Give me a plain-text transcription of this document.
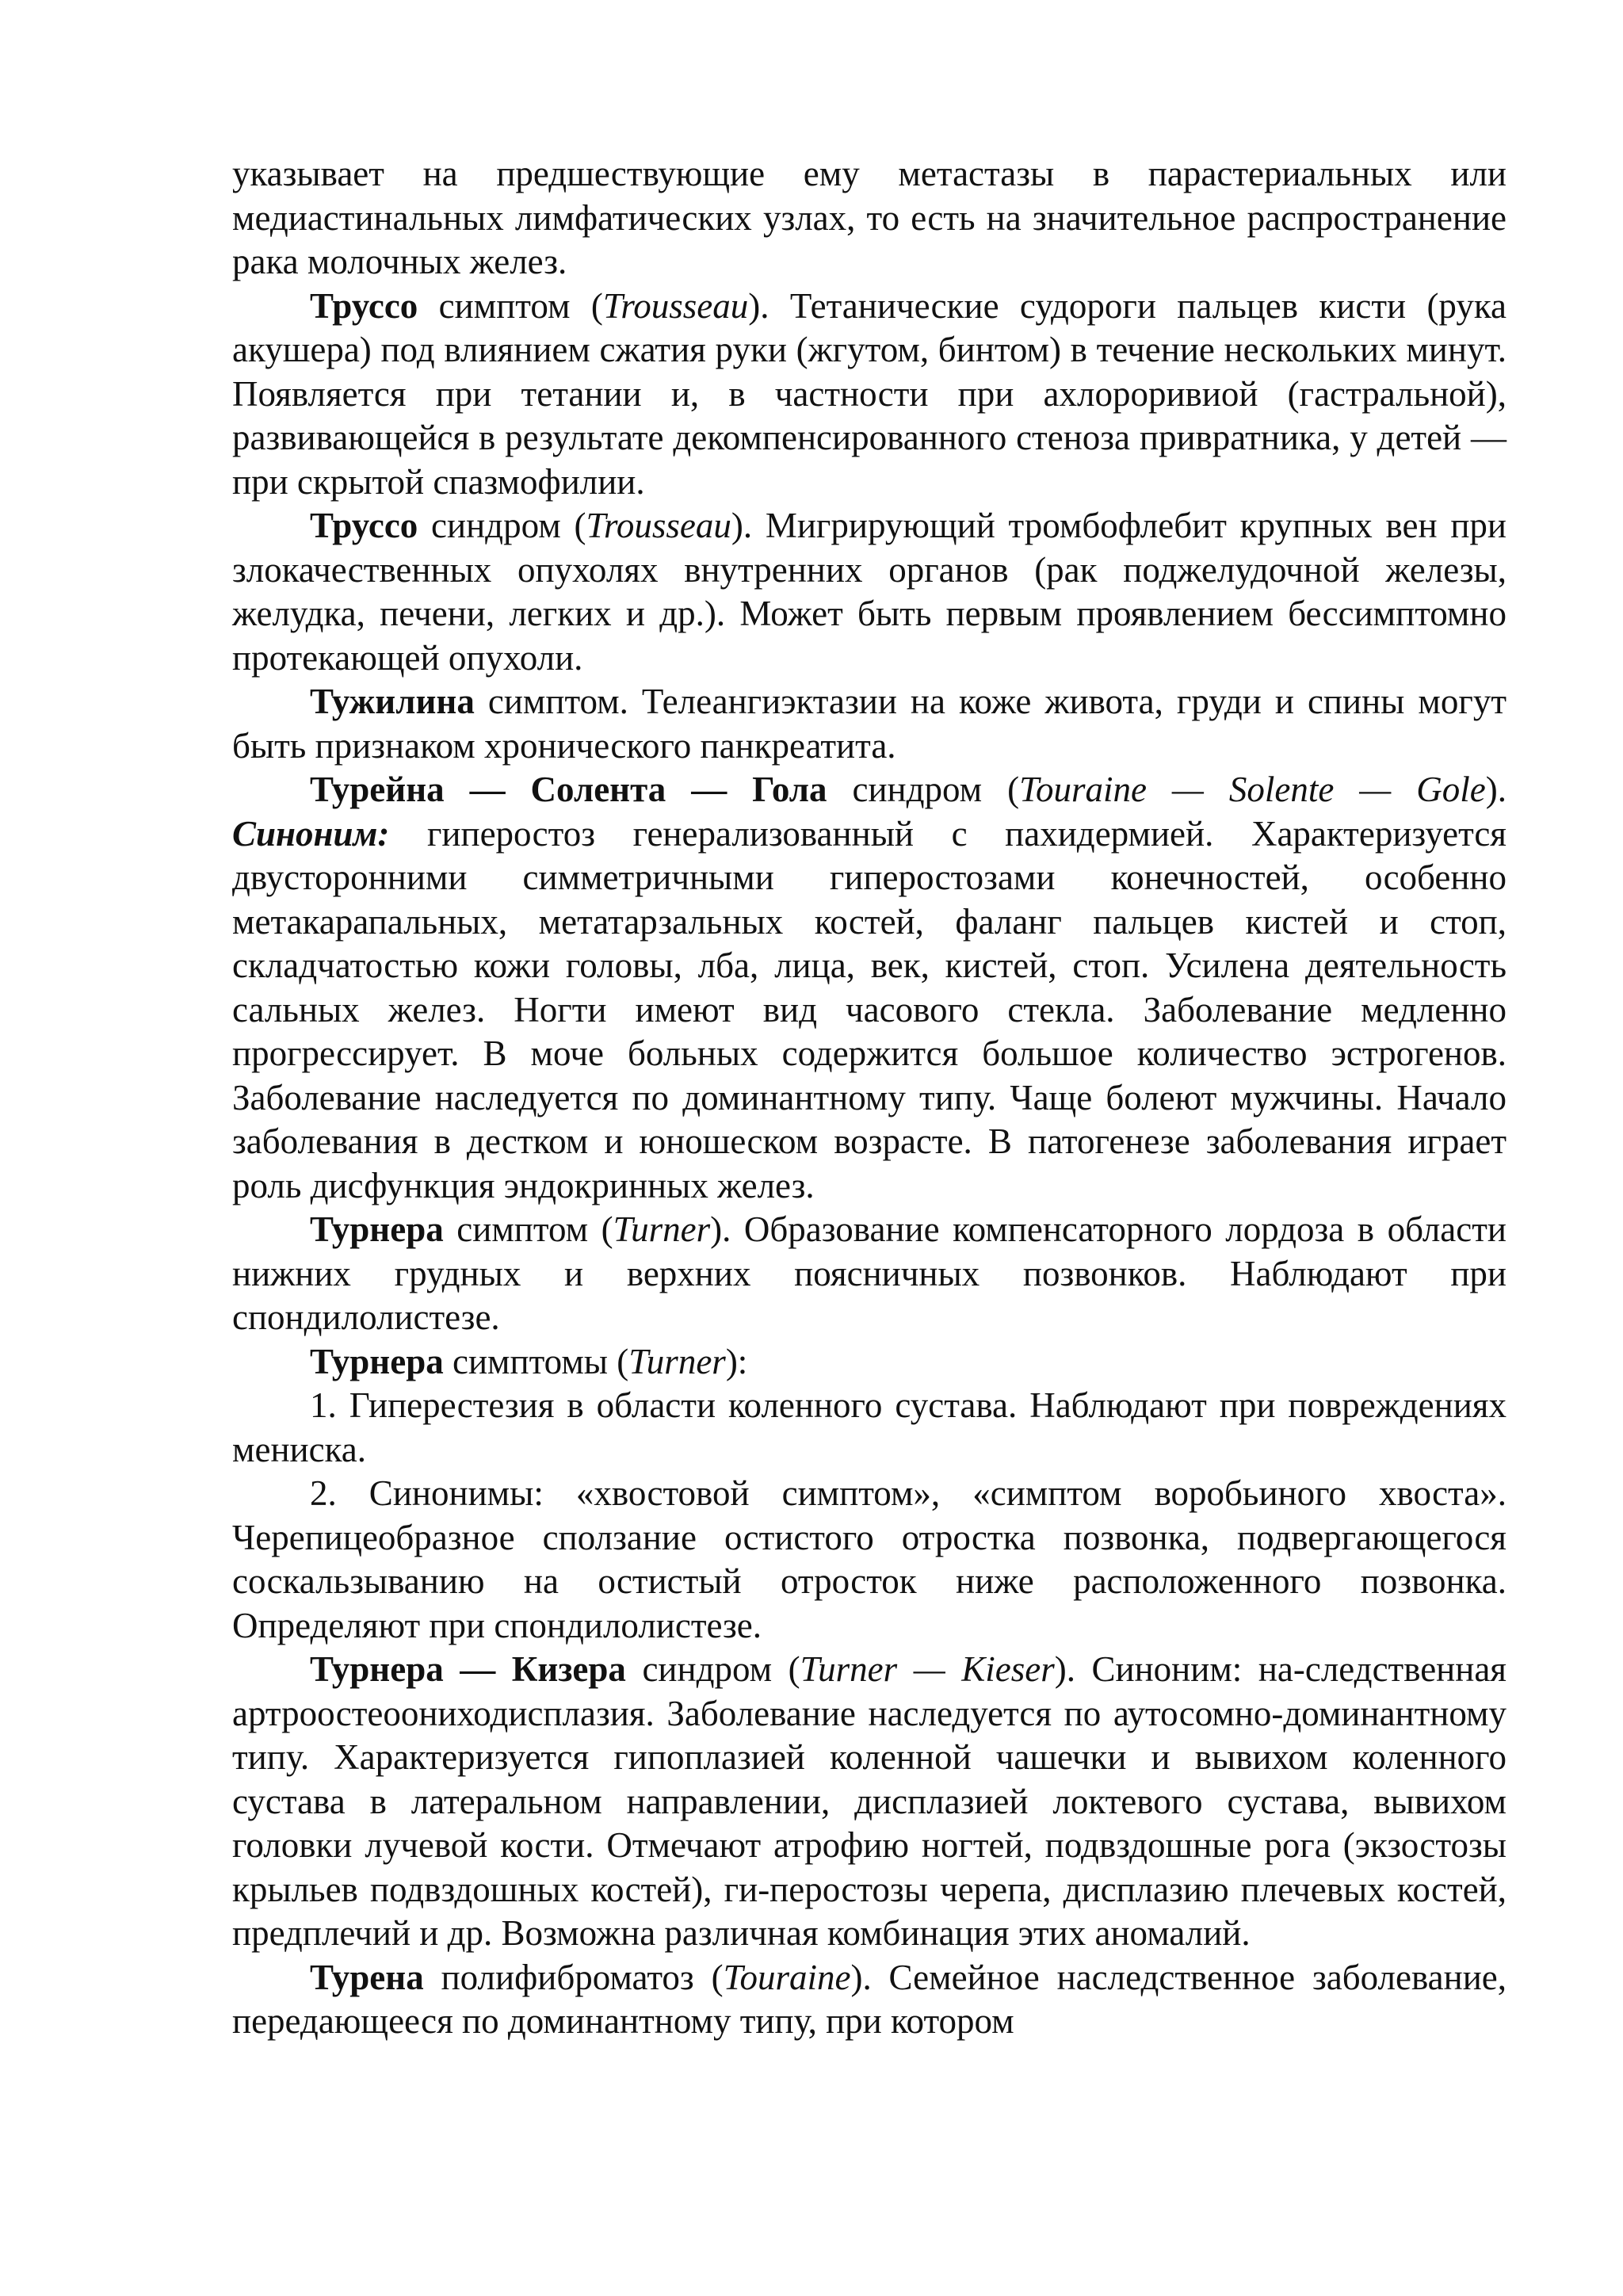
указывает на предшествующие ему метастазы в парастериальных или медиастинальных лимфатических узлах, то есть на значительное распространение рака молочных желез.

Труссо симптом (Trousseau). Тетанические судороги пальцев кисти (рука акушера) под влиянием сжатия руки (жгутом, бинтом) в течение нескольких минут. Появляется при тетании и, в частности при ахлороривиой (гастральной), развивающейся в результате декомпенсированного стеноза привратника, у детей — при скрытой спазмофилии.

Труссо синдром (Trousseau). Мигрирующий тромбофлебит крупных вен при злокачественных опухолях внутренних органов (рак поджелудочной железы, желудка, печени, легких и др.). Может быть первым проявлением бессимптомно протекающей опухоли.

Тужилина симптом. Телеангиэктазии на коже живота, груди и спины могут быть признаком хронического панкреатита.

Турейна — Солента — Гола синдром (Touraine — Solente — Gole). Синоним: гиперостоз генерализованный с пахидермией. Характеризуется двусторонними симметричными гиперостозами конечностей, особенно метакарапальных, метатарзальных костей, фаланг пальцев кистей и стоп, складчатостью кожи головы, лба, лица, век, кистей, стоп. Усилена деятельность сальных желез. Ногти имеют вид часового стекла. Заболевание медленно прогрессирует. В моче больных содержится большое количество эстрогенов. Заболевание наследуется по доминантному типу. Чаще болеют мужчины. Начало заболевания в дестком и юношеском возрасте. В патогенезе заболевания играет роль дисфункция эндокринных желез.

Турнера симптом (Turner). Образование компенсаторного лордоза в области нижних грудных и верхних поясничных позвонков. Наблюдают при спондилолистезе.

Турнера симптомы (Turner):

1. Гиперестезия в области коленного сустава. Наблюдают при повреждениях мениска.

2. Синонимы: «хвостовой симптом», «симптом воробьиного хвоста». Черепицеобразное сползание остистого отростка позвонка, подвергающегося соскальзыванию на остистый отросток ниже расположенного позвонка. Определяют при спондилолистезе.

Турнера — Кизера синдром (Turner — Kieser). Синоним: на-следственная артроостеоониходисплазия. Заболевание наследуется по аутосомно-доминантному типу. Характеризуется гипоплазией коленной чашечки и вывихом коленного сустава в латеральном направлении, дисплазией локтевого сустава, вывихом головки лучевой кости. Отмечают атрофию ногтей, подвздошные рога (экзостозы крыльев подвздошных костей), ги-перостозы черепа, дисплазию плечевых костей, предплечий и др. Возможна различная комбинация этих аномалий.

Турена полифиброматоз (Touraine). Семейное наследственное заболевание, передающееся по доминантному типу, при котором
